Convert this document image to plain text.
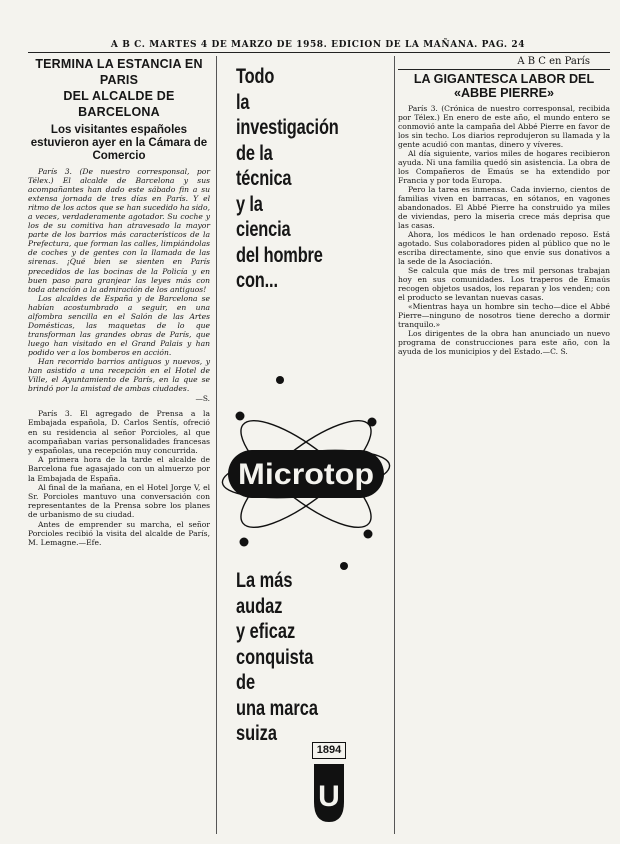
A B C. MARTES 4 DE MARZO DE 1958. EDICION DE LA MAÑANA. PAG. 24
TERMINA LA ESTANCIA EN PARIS
DEL ALCALDE DE BARCELONA
Los visitantes españoles estuvieron ayer en la Cámara de Comercio

París 3. (De nuestro corresponsal, por Télex.) El alcalde de Barcelona y sus acompañantes han dado este sábado fin a su extensa jornada de tres días en París. Y el ritmo de los actos que se han sucedido ha sido, a veces, verdaderamente agotador. Su coche y los de su comitiva han atravesado la mayor parte de los barrios más característicos de la Prefectura, que forman las calles, limpiándolas de coches y de gentes con la llamada de las sirenas. ¡Qué bien se sienten en París precedidos de las bocinas de la Policía y en buen paso para granjear las leyes más con toda atención a la admiración de los antiguos!

Los alcaldes de España y de Barcelona se habían acostumbrado a seguir, en una alfombra sencilla en el Salón de las Artes Domésticas, las maquetas de lo que transforman las grandes obras de París, que luego han visitado en el Grand Palais y han podido ver a los bomberos en acción.

Han recorrido barrios antiguos y nuevos, y han asistido a una recepción en el Hotel de Ville, el Ayuntamiento de París, en la que se brindó por la amistad de ambas ciudades.

—S.

París 3. El agregado de Prensa a la Embajada española, D. Carlos Sentís, ofreció en su residencia al señor Porcioles, al que acompañaban varias personalidades francesas y españolas, una recepción muy concurrida.

A primera hora de la tarde el alcalde de Barcelona fue agasajado con un almuerzo por la Embajada de España.

Al final de la mañana, en el Hotel Jorge V, el Sr. Porcioles mantuvo una conversación con representantes de la Prensa sobre los planes de urbanismo de su ciudad.

Antes de emprender su marcha, el señor Porcioles recibió la visita del alcalde de París, M. Lemagne.—Efe.

Todo
la
investigación
de la
técnica
y la
ciencia
del hombre
con...
Microtop
La más
audaz
y eficaz
conquista
de
una marca
suiza
1894
U
A B C en París
LA GIGANTESCA LABOR DEL «ABBE PIERRE»

París 3. (Crónica de nuestro corresponsal, recibida por Télex.) En enero de este año, el mundo entero se conmovió ante la campaña del Abbé Pierre en favor de los sin techo. Los diarios reprodujeron su llamada y la gente acudió con mantas, dinero y víveres.

Al día siguiente, varios miles de hogares recibieron ayuda. Ni una familia quedó sin asistencia. La obra de los Compañeros de Emaús se ha extendido por Francia y por toda Europa.

Pero la tarea es inmensa. Cada invierno, cientos de familias viven en barracas, en sótanos, en vagones abandonados. El Abbé Pierre ha construido ya miles de viviendas, pero la miseria crece más deprisa que las casas.

Ahora, los médicos le han ordenado reposo. Está agotado. Sus colaboradores piden al público que no le escriba directamente, sino que envíe sus donativos a la sede de la Asociación.

Se calcula que más de tres mil personas trabajan hoy en sus comunidades. Los traperos de Emaús recogen objetos usados, los reparan y los venden; con el producto se levantan nuevas casas.

«Mientras haya un hombre sin techo—dice el Abbé Pierre—ninguno de nosotros tiene derecho a dormir tranquilo.»

Los dirigentes de la obra han anunciado un nuevo programa de construcciones para este año, con la ayuda de los municipios y del Estado.—C. S.
